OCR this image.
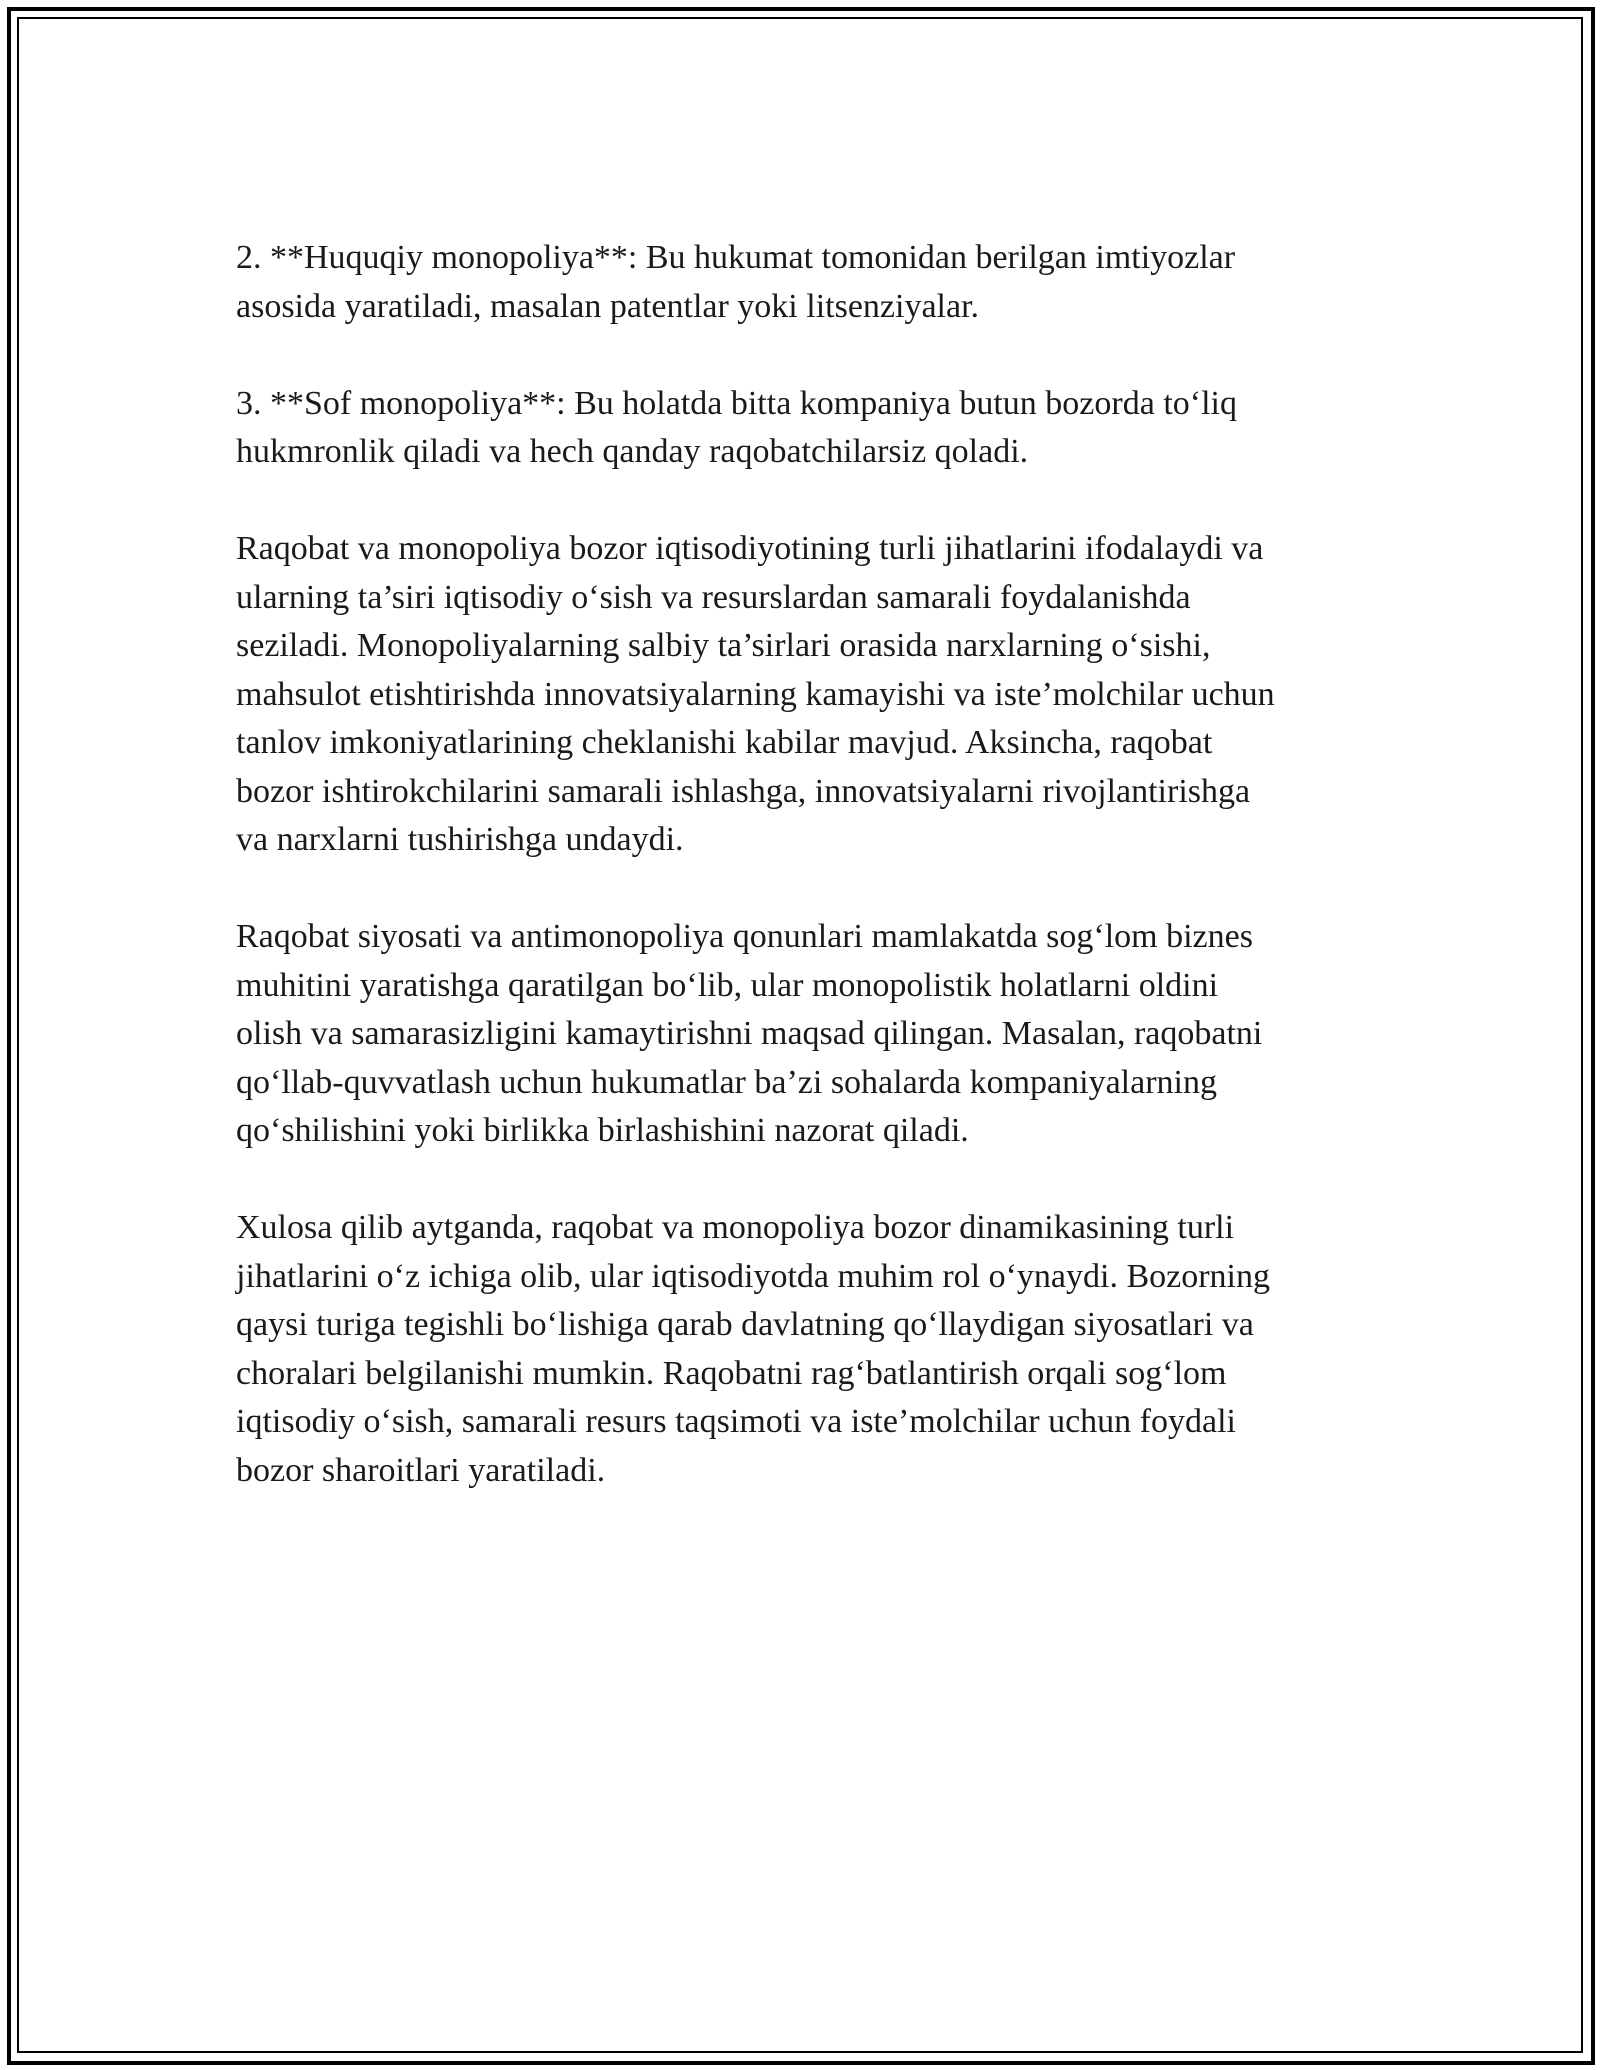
2. **Huquqiy monopoliya**: Bu hukumat tomonidan berilgan imtiyozlar
asosida yaratiladi, masalan patentlar yoki litsenziyalar.

3. **Sof monopoliya**: Bu holatda bitta kompaniya butun bozorda to‘liq
hukmronlik qiladi va hech qanday raqobatchilarsiz qoladi.

Raqobat va monopoliya bozor iqtisodiyotining turli jihatlarini ifodalaydi va
ularning ta’siri iqtisodiy o‘sish va resurslardan samarali foydalanishda
seziladi. Monopoliyalarning salbiy ta’sirlari orasida narxlarning o‘sishi,
mahsulot etishtirishda innovatsiyalarning kamayishi va iste’molchilar uchun
tanlov imkoniyatlarining cheklanishi kabilar mavjud. Aksincha, raqobat
bozor ishtirokchilarini samarali ishlashga, innovatsiyalarni rivojlantirishga
va narxlarni tushirishga undaydi.

Raqobat siyosati va antimonopoliya qonunlari mamlakatda sog‘lom biznes
muhitini yaratishga qaratilgan bo‘lib, ular monopolistik holatlarni oldini
olish va samarasizligini kamaytirishni maqsad qilingan. Masalan, raqobatni
qo‘llab-quvvatlash uchun hukumatlar ba’zi sohalarda kompaniyalarning
qo‘shilishini yoki birlikka birlashishini nazorat qiladi.

Xulosa qilib aytganda, raqobat va monopoliya bozor dinamikasining turli
jihatlarini o‘z ichiga olib, ular iqtisodiyotda muhim rol o‘ynaydi. Bozorning
qaysi turiga tegishli bo‘lishiga qarab davlatning qo‘llaydigan siyosatlari va
choralari belgilanishi mumkin. Raqobatni rag‘batlantirish orqali sog‘lom
iqtisodiy o‘sish, samarali resurs taqsimoti va iste’molchilar uchun foydali
bozor sharoitlari yaratiladi.
